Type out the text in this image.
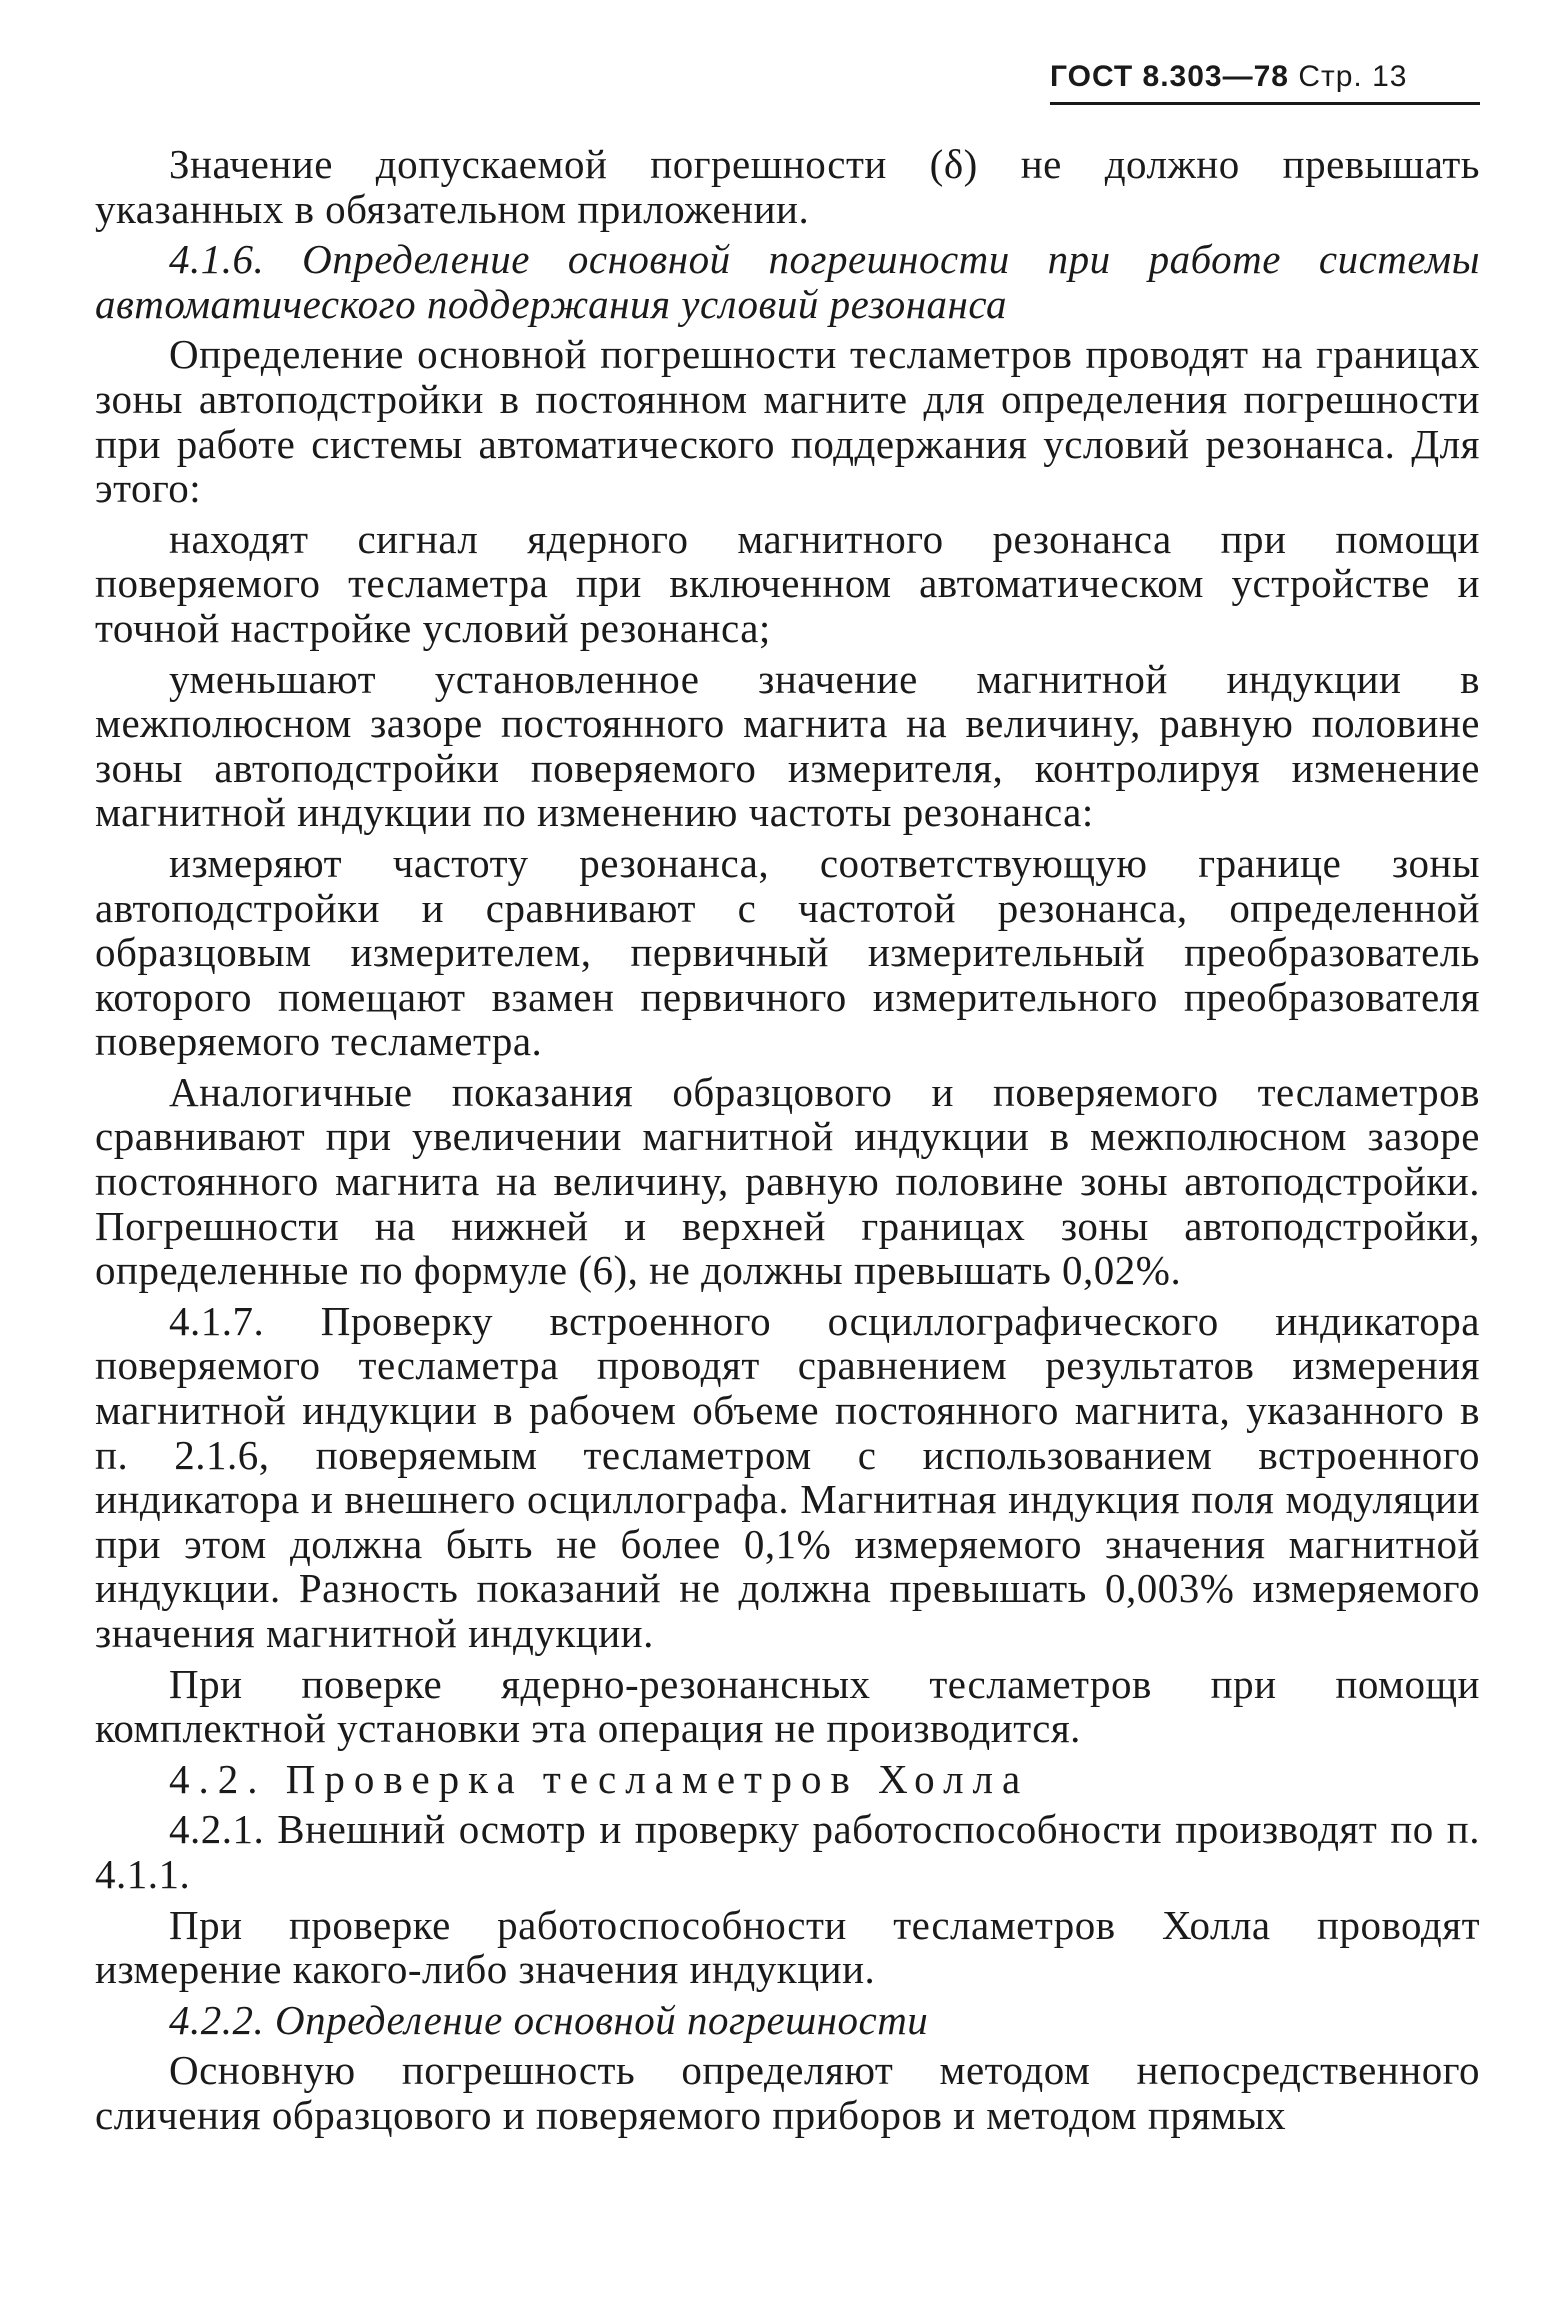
ГОСТ 8.303—78 Стр. 13

Значение допускаемой погрешности (δ) не должно превышать указанных в обязательном приложении.

4.1.6. Определение основной погрешности при работе системы автоматического поддержания условий резонанса

Определение основной погрешности тесламетров проводят на границах зоны автоподстройки в постоянном магните для определения погрешности при работе системы автоматического поддержания условий резонанса. Для этого:

находят сигнал ядерного магнитного резонанса при помощи поверяемого тесламетра при включенном автоматическом устройстве и точной настройке условий резонанса;

уменьшают установленное значение магнитной индукции в межполюсном зазоре постоянного магнита на величину, равную половине зоны автоподстройки поверяемого измерителя, контролируя изменение магнитной индукции по изменению частоты резонанса:

измеряют частоту резонанса, соответствующую границе зоны автоподстройки и сравнивают с частотой резонанса, определенной образцовым измерителем, первичный измерительный преобразователь которого помещают взамен первичного измерительного преобразователя поверяемого тесламетра.

Аналогичные показания образцового и поверяемого тесламетров сравнивают при увеличении магнитной индукции в межполюсном зазоре постоянного магнита на величину, равную половине зоны автоподстройки. Погрешности на нижней и верхней границах зоны автоподстройки, определенные по формуле (6), не должны превышать 0,02%.

4.1.7. Проверку встроенного осциллографического индикатора поверяемого тесламетра проводят сравнением результатов измерения магнитной индукции в рабочем объеме постоянного магнита, указанного в п. 2.1.6, поверяемым тесламетром с использованием встроенного индикатора и внешнего осциллографа. Магнитная индукция поля модуляции при этом должна быть не более 0,1% измеряемого значения магнитной индукции. Разность показаний не должна превышать 0,003% измеряемого значения магнитной индукции.

При поверке ядерно-резонансных тесламетров при помощи комплектной установки эта операция не производится.

4.2. Проверка тесламетров Холла

4.2.1. Внешний осмотр и проверку работоспособности производят по п. 4.1.1.

При проверке работоспособности тесламетров Холла проводят измерение какого-либо значения индукции.

4.2.2. Определение основной погрешности

Основную погрешность определяют методом непосредственного сличения образцового и поверяемого приборов и методом прямых
